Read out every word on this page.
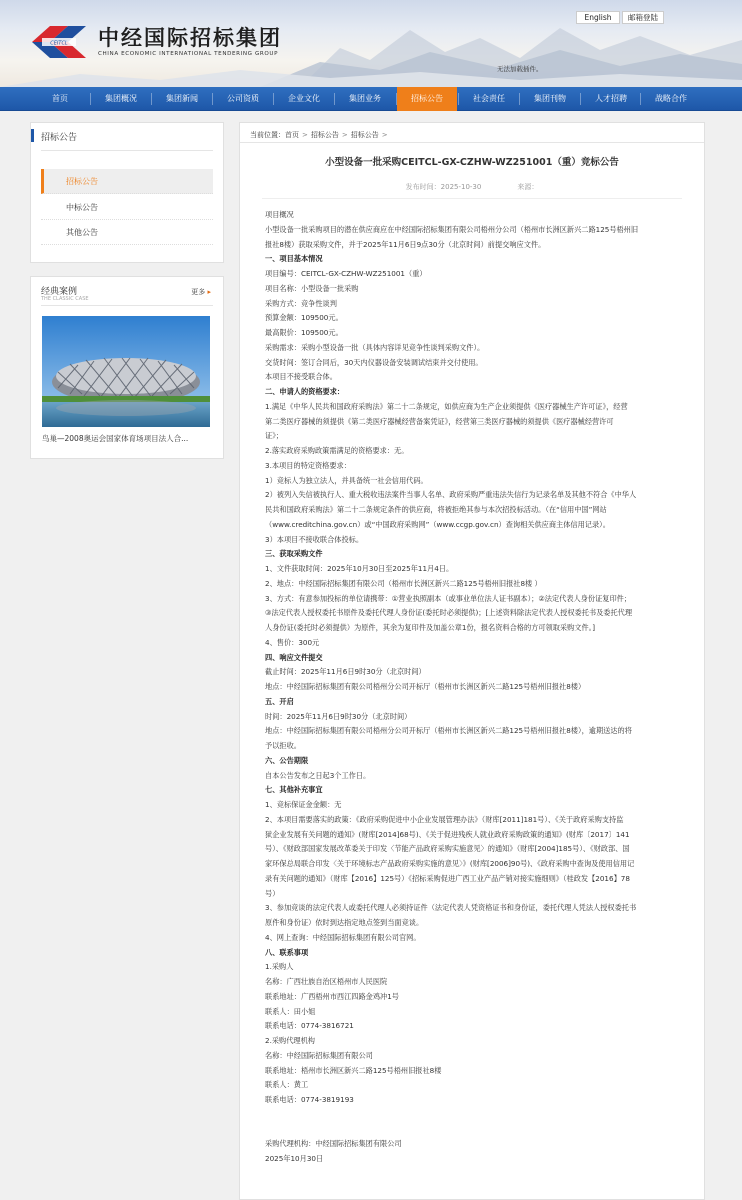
CEITCL 中经国际招标集团
CHINA ECONOMIC INTERNATIONAL TENDERING GROUP
English	邮箱登陆
无法加载插件。
首页	集团概况	集团新闻	公司资质	企业文化	集团业务	招标公告	社会责任	集团刊物	人才招聘	战略合作
招标公告
招标公告
中标公告
其他公告
经典案例
THE CLASSIC CASE
更多 ▸
鸟巢—2008奥运会国家体育场项目法人合...
当前位置：首页 > 招标公告 > 招标公告 >
小型设备一批采购CEITCL-GX-CZHW-WZ251001（重）竞标公告
发布时间：2025-10-30	来源：

项目概况

小型设备一批采购项目的潜在供应商应在中经国际招标集团有限公司梧州分公司（梧州市长洲区新兴二路125号梧州旧

报社8楼）获取采购文件，并于2025年11月6日9点30分（北京时间）前提交响应文件。

一、项目基本情况

项目编号：CEITCL-GX-CZHW-WZ251001（重）

项目名称：小型设备一批采购

采购方式：竞争性谈判

预算金额：109500元。

最高限价：109500元。

采购需求：采购小型设备一批（具体内容详见竞争性谈判采购文件）。

交货时间：签订合同后，30天内仪器设备安装调试结束并交付使用。

本项目不接受联合体。

二、申请人的资格要求：

1.满足《中华人民共和国政府采购法》第二十二条规定，如供应商为生产企业须提供《医疗器械生产许可证》，经营

第二类医疗器械的须提供《第二类医疗器械经营备案凭证》，经营第三类医疗器械的须提供《医疗器械经营许可

证》；

2.落实政府采购政策需满足的资格要求：无。

3.本项目的特定资格要求：

1）竞标人为独立法人，并具备统一社会信用代码。

2）被列入失信被执行人、重大税收违法案件当事人名单、政府采购严重违法失信行为记录名单及其他不符合《中华人

民共和国政府采购法》第二十二条规定条件的供应商，将被拒绝其参与本次招投标活动。（在“信用中国”网站

（www.creditchina.gov.cn）或“中国政府采购网”（www.ccgp.gov.cn）查询相关供应商主体信用记录）。

3）本项目不接收联合体投标。

三、获取采购文件

1、文件获取时间：2025年10月30日至2025年11月4日。

2、地点：中经国际招标集团有限公司（梧州市长洲区新兴二路125号梧州旧报社8楼 ）

3、方式：有意参加投标的单位请携带：①营业执照副本（或事业单位法人证书副本）；②法定代表人身份证复印件；

③法定代表人授权委托书原件及委托代理人身份证(委托时必须提供)；[上述资料除法定代表人授权委托书及委托代理

人身份证(委托时必须提供）为原件，其余为复印件及加盖公章1份，报名资料合格的方可领取采购文件。]

4、售价：300元

四、响应文件提交

截止时间：2025年11月6日9时30分（北京时间）

地点：中经国际招标集团有限公司梧州分公司开标厅（梧州市长洲区新兴二路125号梧州旧报社8楼）

五、开启

时间：2025年11月6日9时30分（北京时间）

地点：中经国际招标集团有限公司梧州分公司开标厅（梧州市长洲区新兴二路125号梧州旧报社8楼），逾期送达的将

予以拒收。

六、公告期限

自本公告发布之日起3个工作日。

七、其他补充事宜

1、竞标保证金金额：无

2、本项目需要落实的政策：《政府采购促进中小企业发展管理办法》（财库[2011]181号）、《关于政府采购支持监

狱企业发展有关问题的通知》(财库[2014]68号)、《关于促进残疾人就业政府采购政策的通知》(财库〔2017〕141

号）、《财政部国家发展改革委关于印发〈节能产品政府采购实施意见〉的通知》（财库[2004]185号）、《财政部、国

家环保总局联合印发〈关于环境标志产品政府采购实施的意见〉》(财库[2006]90号)、《政府采购中查询及使用信用记

录有关问题的通知》（财库【2016】125号）《招标采购促进广西工业产品产销对接实施细则》（桂政发【2016】78

号）

3、参加竞谈的法定代表人或委托代理人必须持证件（法定代表人凭资格证书和身份证，委托代理人凭法人授权委托书

原件和身份证）依时到达指定地点签到当面竞谈。

4、网上查询：中经国际招标集团有限公司官网。

八、联系事项

1.采购人

名称：广西壮族自治区梧州市人民医院

联系地址：广西梧州市西江四路金鸡冲1号

联系人：田小姐

联系电话：0774-3816721

2.采购代理机构

名称：中经国际招标集团有限公司

联系地址：梧州市长洲区新兴二路125号梧州旧报社8楼

联系人：黄工

联系电话：0774-3819193

采购代理机构：中经国际招标集团有限公司

2025年10月30日
